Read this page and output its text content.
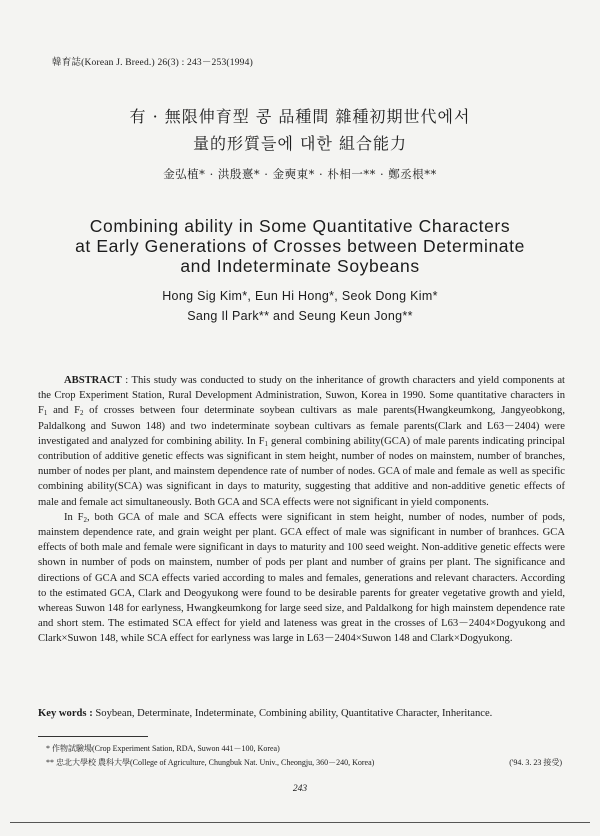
韓育誌(Korean J. Breed.) 26(3) : 243－253(1994)
有 · 無限伸育型 콩 品種間 雜種初期世代에서
量的形質들에 대한 組合能力
金弘植* · 洪殷憙* · 金奭東* · 朴相一** · 鄭丞根**
Combining ability in Some Quantitative Characters
at Early Generations of Crosses between Determinate
and Indeterminate Soybeans
Hong Sig Kim*, Eun Hi Hong*, Seok Dong Kim*
Sang Il Park** and Seung Keun Jong**

ABSTRACT : This study was conducted to study on the inheritance of growth characters and yield components at the Crop Experiment Station, Rural Development Administration, Suwon, Korea in 1990. Some quantitative characters in $F_1$ and $F_2$ of crosses between four determinate soybean cultivars as male parents(Hwangkeumkong, Jangyeobkong, Paldalkong and Suwon 148) and two indeterminate soybean cultivars as female parents(Clark and L63－2404) were investigated and analyzed for combining ability. In $F_1$ general combining ability(GCA) of male parents indicating principal contribution of additive genetic effects was significant in stem height, number of nodes on mainstem, number of branches, number of nodes per plant, and mainstem dependence rate of number of nodes. GCA of male and female as well as specific combining ability(SCA) was significant in days to maturity, suggesting that additive and non-additive genetic effects of male and female act simultaneously. Both GCA and SCA effects were not significant in yield components.

In $F_2$, both GCA of male and SCA effects were significant in stem height, number of nodes, number of pods, mainstem dependence rate, and grain weight per plant. GCA effect of male was significant in number of branhces. GCA effects of both male and female were significant in days to maturity and 100 seed weight. Non-additive genetic effects were shown in number of pods on mainstem, number of pods per plant and number of grains per plant. The significance and directions of GCA and SCA effects varied according to males and females, generations and relevant characters. According to the estimated GCA, Clark and Deogyukong were found to be desirable parents for greater vegetative growth and yield, whereas Suwon 148 for earlyness, Hwangkeumkong for large seed size, and Paldalkong for high mainstem dependence rate and short stem. The estimated SCA effect for yield and lateness was great in the crosses of L63－2404×Dogyukong and Clark×Suwon 148, while SCA effect for earlyness was large in L63－2404×Suwon 148 and Clark×Dogyukong.

Key words : Soybean, Determinate, Indeterminate, Combining ability, Quantitative Character, Inheritance.
* 作物試驗場(Crop Experiment Sation, RDA, Suwon 441－100, Korea)
** 忠北大學校 農科大學(College of Agriculture, Chungbuk Nat. Univ., Cheongju, 360－240, Korea)	('94. 3. 23 接受)
243
